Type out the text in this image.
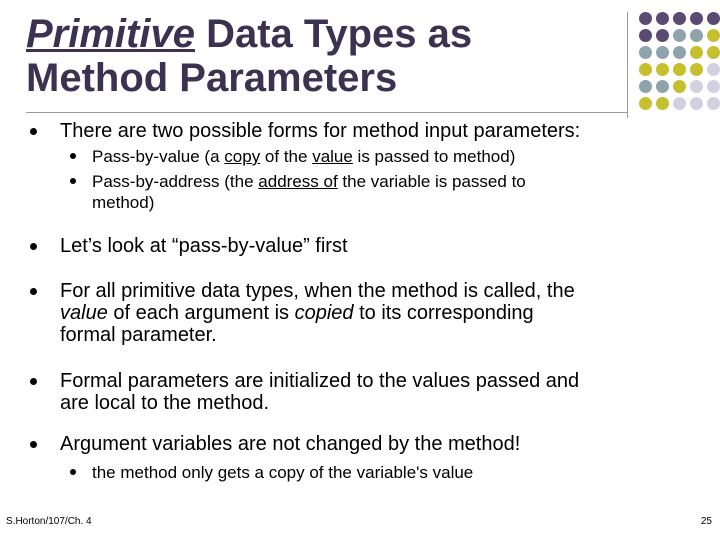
Primitive Data Types as
Method Parameters
There are two possible forms for method input parameters:
Pass-by-value (a copy of the value is passed to method)
Pass-by-address (the address of the variable is passed to
method)
Let’s look at “pass-by-value” first
For all primitive data types, when the method is called, the
value of each argument is copied to its corresponding
formal parameter.
Formal parameters are initialized to the values passed and
are local to the method.
Argument variables are not changed by the method!
the method only gets a copy of the variable's value
S.Horton/107/Ch. 4	25
